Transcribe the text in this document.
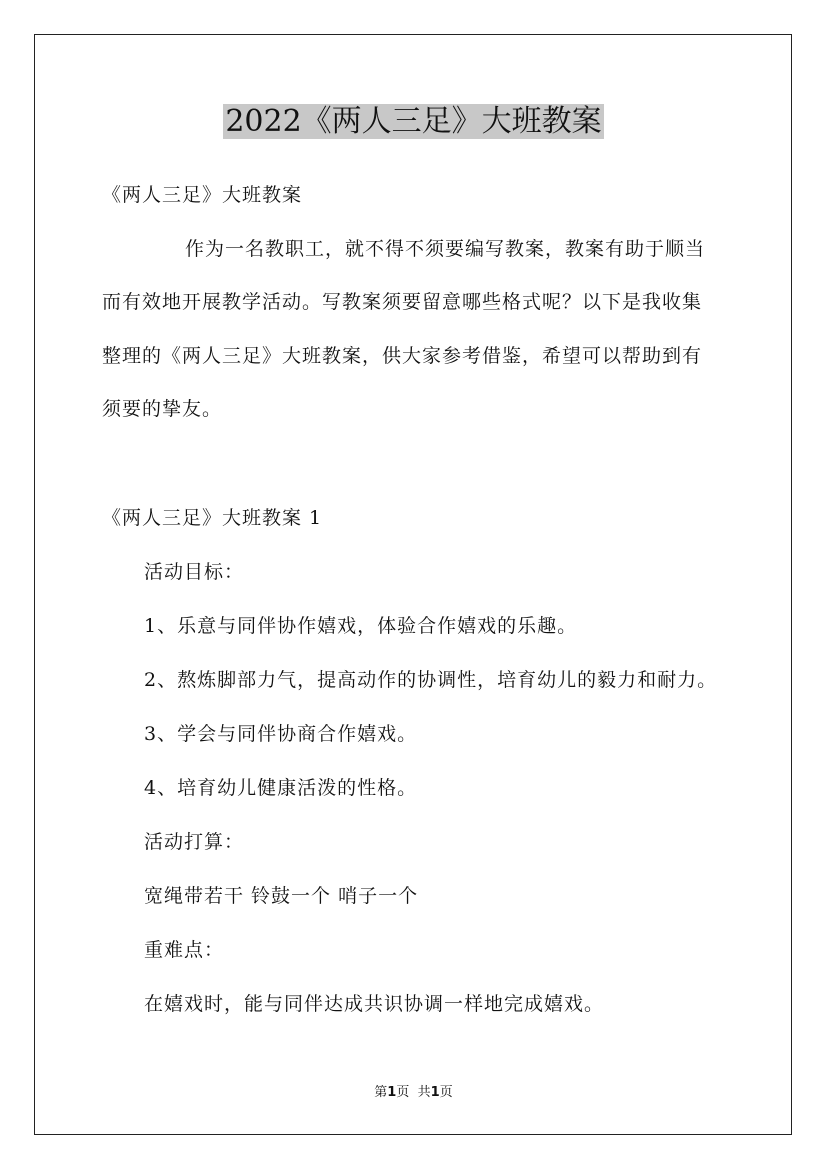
2022《两人三足》大班教案
《两人三足》大班教案
作为一名教职工，就不得不须要编写教案，教案有助于顺当
而有效地开展教学活动。写教案须要留意哪些格式呢？以下是我收集
整理的《两人三足》大班教案，供大家参考借鉴，希望可以帮助到有
须要的挚友。
《两人三足》大班教案 1
活动目标：
1、乐意与同伴协作嬉戏，体验合作嬉戏的乐趣。
2、熬炼脚部力气，提高动作的协调性，培育幼儿的毅力和耐力。
3、学会与同伴协商合作嬉戏。
4、培育幼儿健康活泼的性格。
活动打算：
宽绳带若干 铃鼓一个 哨子一个
重难点：
在嬉戏时，能与同伴达成共识协调一样地完成嬉戏。
第1页 共1页
